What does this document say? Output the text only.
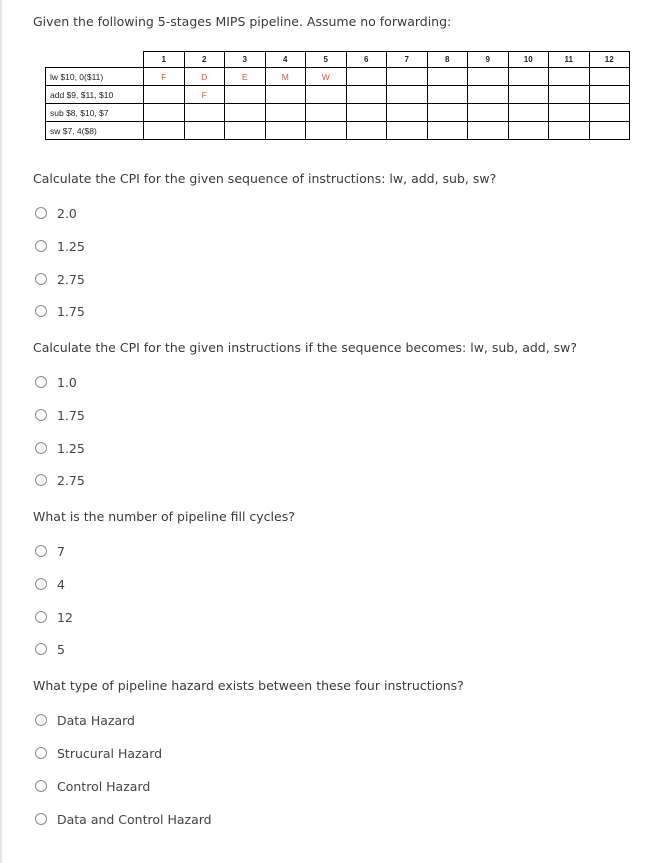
Given the following 5-stages MIPS pipeline. Assume no forwarding:
	1	2	3	4	5	6	7	8	9	10	11	12
lw $10, 0($11)	F	D	E	M	W							
add $9, $11, $10		F										
sub $8, $10, $7												
sw $7, 4($8)												
Calculate the CPI for the given sequence of instructions: lw, add, sub, sw?
2.0
1.25
2.75
1.75
Calculate the CPI for the given instructions if the sequence becomes: lw, sub, add, sw?
1.0
1.75
1.25
2.75
What is the number of pipeline fill cycles?
7
4
12
5
What type of pipeline hazard exists between these four instructions?
Data Hazard
Strucural Hazard
Control Hazard
Data and Control Hazard
